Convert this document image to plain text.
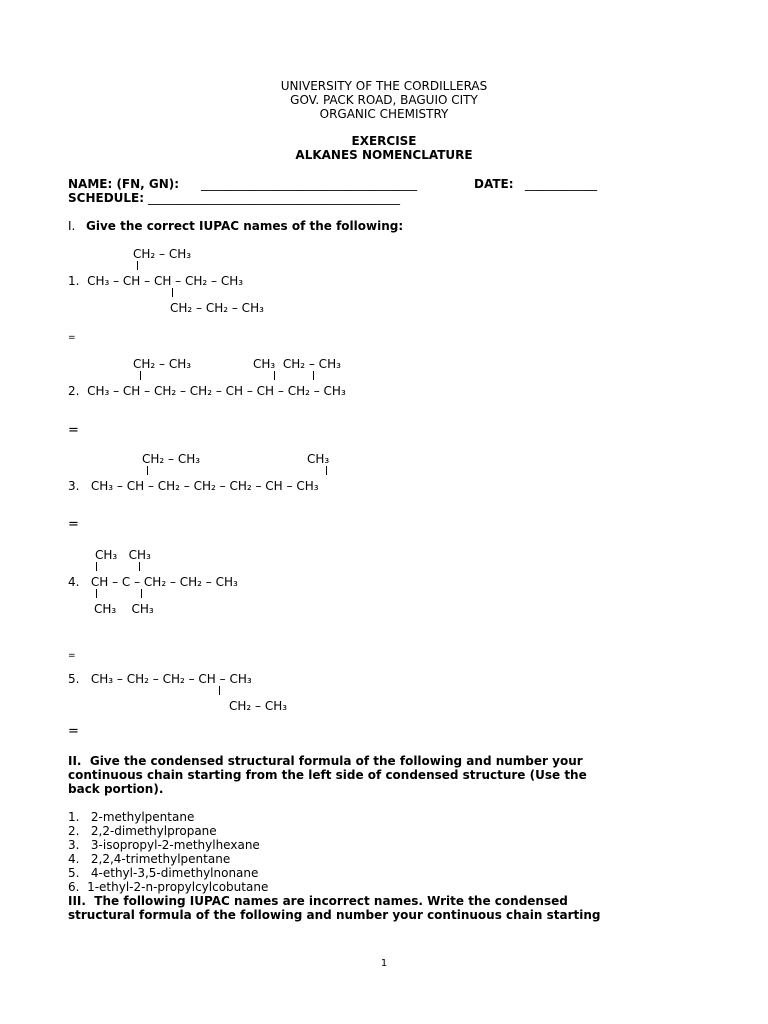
UNIVERSITY OF THE CORDILLERAS
GOV. PACK ROAD, BAGUIO CITY
ORGANIC CHEMISTRY
EXERCISE
ALKANES NOMENCLATURE
NAME: (FN, GN): ____________________________________	DATE: ____________
SCHEDULE: __________________________________________
I. Give the correct IUPAC names of the following:
CH₂ – CH₃
1.  CH₃ – CH – CH – CH₂ – CH₃
CH₂ – CH₂ – CH₃
=
CH₂ – CH₃	CH₃  CH₂ – CH₃
2.  CH₃ – CH – CH₂ – CH₂ – CH – CH – CH₂ – CH₃
=
CH₂ – CH₃	CH₃
3.   CH₃ – CH – CH₂ – CH₂ – CH₂ – CH – CH₃
=
CH₃   CH₃
4.   CH – C – CH₂ – CH₂ – CH₃
CH₃    CH₃
=
5.   CH₃ – CH₂ – CH₂ – CH – CH₃
CH₂ – CH₃
=
II.  Give the condensed structural formula of the following and number your
continuous chain starting from the left side of condensed structure (Use the
back portion).
1.   2-methylpentane
2.   2,2-dimethylpropane
3.   3-isopropyl-2-methylhexane
4.   2,2,4-trimethylpentane
5.   4-ethyl-3,5-dimethylnonane
6.  1-ethyl-2-n-propylcylcobutane
III.  The following IUPAC names are incorrect names. Write the condensed
structural formula of the following and number your continuous chain starting
1
